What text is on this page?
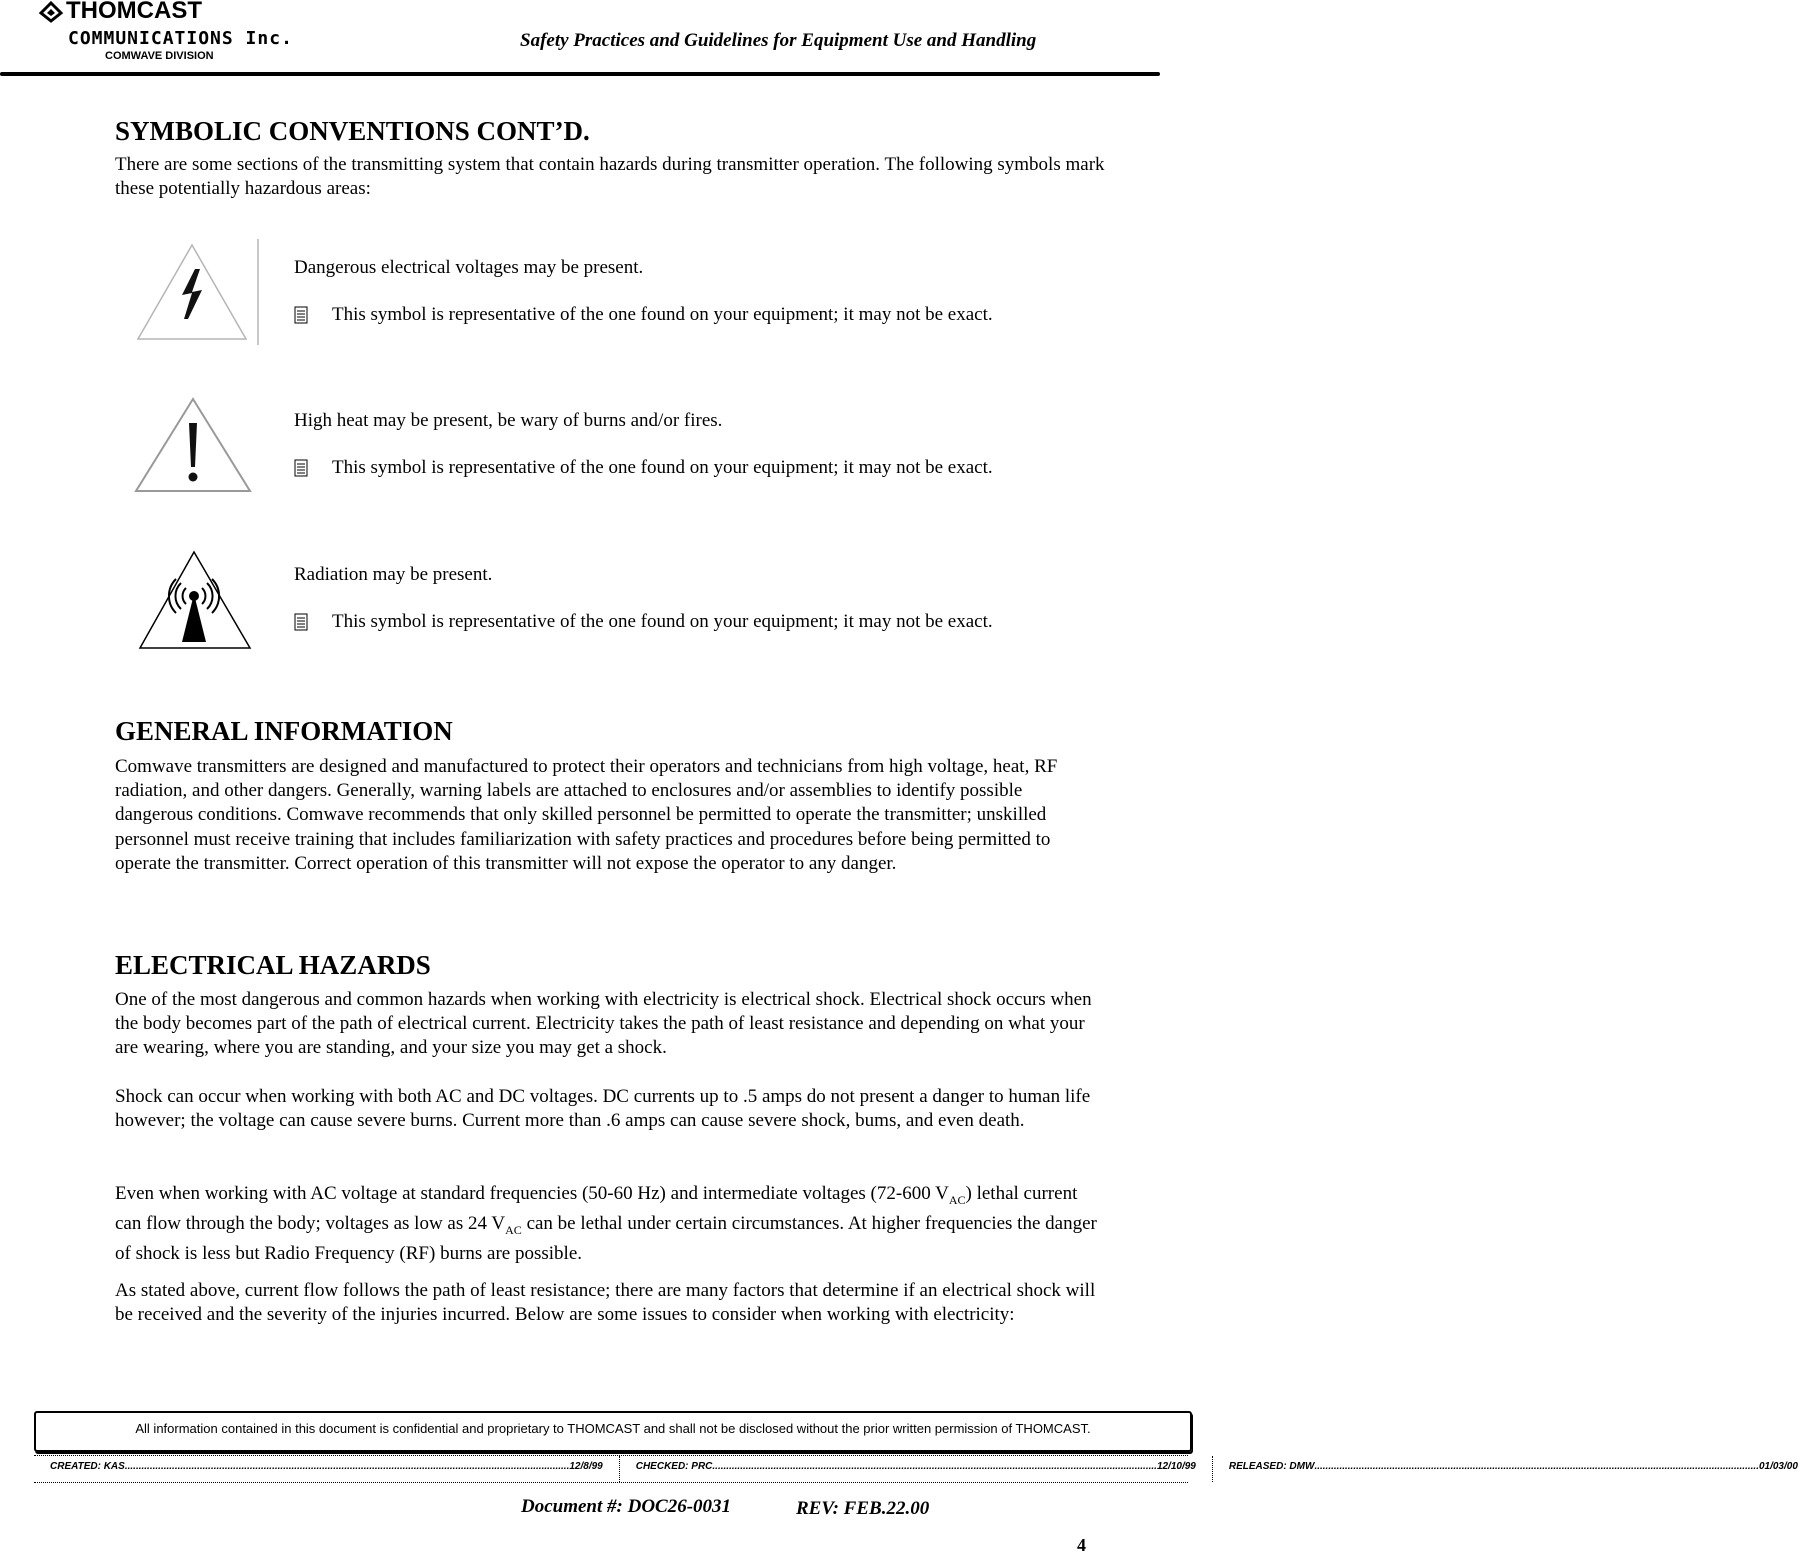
THOMCAST
COMMUNICATIONS Inc.
COMWAVE DIVISION
Safety Practices and Guidelines for Equipment Use and Handling
SYMBOLIC CONVENTIONS CONT’D.

There are some sections of the transmitting system that contain hazards during transmitter operation. The following symbols mark these potentially hazardous areas:

Dangerous electrical voltages may be present.
This symbol is representative of the one found on your equipment; it may not be exact.
High heat may be present, be wary of burns and/or fires.
This symbol is representative of the one found on your equipment; it may not be exact.
Radiation may be present.
This symbol is representative of the one found on your equipment; it may not be exact.
GENERAL INFORMATION

Comwave transmitters are designed and manufactured to protect their operators and technicians from high voltage, heat, RF radiation, and other dangers. Generally, warning labels are attached to enclosures and/or assemblies to identify possible dangerous conditions. Comwave recommends that only skilled personnel be permitted to operate the transmitter; unskilled personnel must receive training that includes familiarization with safety practices and procedures before being permitted to operate the transmitter. Correct operation of this transmitter will not expose the operator to any danger.

ELECTRICAL HAZARDS

One of the most dangerous and common hazards when working with electricity is electrical shock. Electrical shock occurs when the body becomes part of the path of electrical current. Electricity takes the path of least resistance and depending on what your are wearing, where you are standing, and your size you may get a shock.

Shock can occur when working with both AC and DC voltages. DC currents up to .5 amps do not present a danger to human life however; the voltage can cause severe burns. Current more than .6 amps can cause severe shock, bums, and even death.

Even when working with AC voltage at standard frequencies (50-60 Hz) and intermediate voltages (72-600 $V_{AC}$) lethal current can flow through the body; voltages as low as 24 $V_{AC}$ can be lethal under certain circumstances. At higher frequencies the danger of shock is less but Radio Frequency (RF) burns are possible.

As stated above, current flow follows the path of least resistance; there are many factors that determine if an electrical shock will be received and the severity of the injuries incurred. Below are some issues to consider when working with electricity:

All information contained in this document is confidential and proprietary to THOMCAST and shall not be disclosed without the prior written permission of THOMCAST.
CREATED: KAS .....	12/8/99	CHECKED: PRC .....	12/10/99	RELEASED: DMW .....	01/03/00
Document #: DOC26-0031	REV: FEB.22.00
4
